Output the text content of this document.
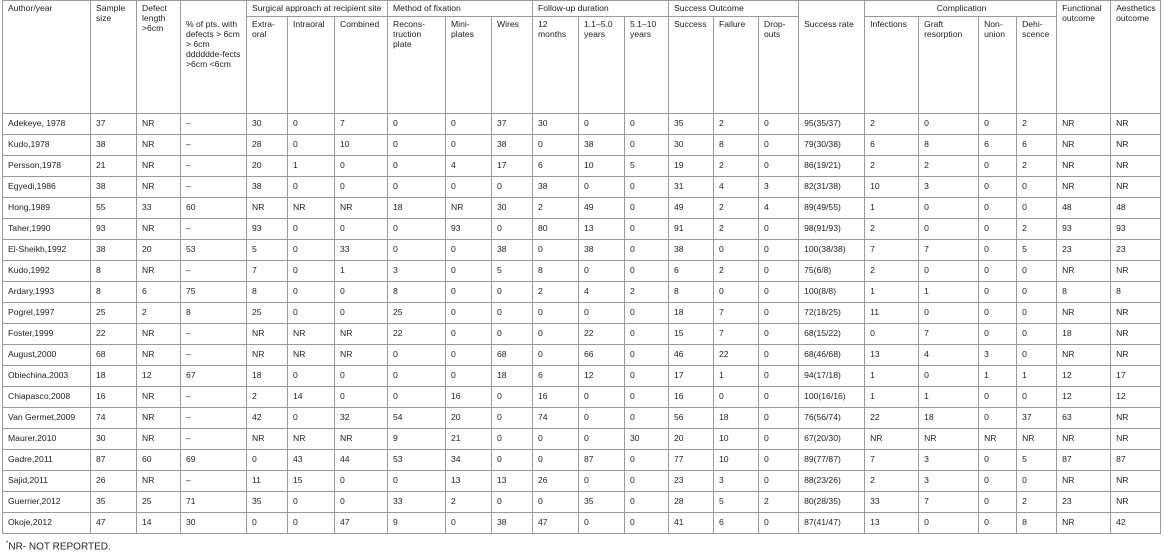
Author/year	Sample size	Defect length >6cm	% of pts. with defects > 6cm > 6cm dddddde-fects >6cm <6cm	Surgical approach at recipient site			Method of fixation			Follow-up duration			Success Outcome			Success rate	Complication				Functional outcome	Aesthetics outcome
				Extra-oral	Intraoral	Combined	Recons-truction plate	Mini-plates	Wires	12 months	1.1–5.0 years	5.1–10 years	Success	Failure	Drop-outs		Infections	Graft resorption	Non-union	Dehi-scence		
Adekeye, 1978	37	NR	–	30	0	7	0	0	37	30	0	0	35	2	0	95(35/37)	2	0	0	2	NR	NR
Kudo,1978	38	NR	–	28	0	10	0	0	38	0	38	0	30	8	0	79(30/38)	6	8	6	6	NR	NR
Persson,1978	21	NR	–	20	1	0	0	4	17	6	10	5	19	2	0	86(19/21)	2	2	0	2	NR	NR
Egyedi,1986	38	NR	–	38	0	0	0	0	0	38	0	0	31	4	3	82(31/38)	10	3	0	0	NR	NR
Hong,1989	55	33	60	NR	NR	NR	18	NR	30	2	49	0	49	2	4	89(49/55)	1	0	0	0	48	48
Taher,1990	93	NR	–	93	0	0	0	93	0	80	13	0	91	2	0	98(91/93)	2	0	0	2	93	93
El-Sheikh,1992	38	20	53	5	0	33	0	0	38	0	38	0	38	0	0	100(38/38)	7	7	0	5	23	23
Kudo,1992	8	NR	–	7	0	1	3	0	5	8	0	0	6	2	0	75(6/8)	2	0	0	0	NR	NR
Ardary,1993	8	6	75	8	0	0	8	0	0	2	4	2	8	0	0	100(8/8)	1	1	0	0	8	8
Pogrel,1997	25	2	8	25	0	0	25	0	0	0	0	0	18	7	0	72(18/25)	11	0	0	0	NR	NR
Foster,1999	22	NR	–	NR	NR	NR	22	0	0	0	22	0	15	7	0	68(15/22)	0	7	0	0	18	NR
August,2000	68	NR	–	NR	NR	NR	0	0	68	0	66	0	46	22	0	68(46/68)	13	4	3	0	NR	NR
Obiechina,2003	18	12	67	18	0	0	0	0	18	6	12	0	17	1	0	94(17/18)	1	0	1	1	12	17
Chiapasco,2008	16	NR	–	2	14	0	0	16	0	16	0	0	16	0	0	100(16/16)	1	1	0	0	12	12
Van Germet,2009	74	NR	–	42	0	32	54	20	0	74	0	0	56	18	0	76(56/74)	22	18	0	37	63	NR
Maurer,2010	30	NR	–	NR	NR	NR	9	21	0	0	0	30	20	10	0	67(20/30)	NR	NR	NR	NR	NR	NR
Gadre,2011	87	60	69	0	43	44	53	34	0	0	87	0	77	10	0	89(77/87)	7	3	0	5	87	87
Sajid,2011	26	NR	–	11	15	0	0	13	13	26	0	0	23	3	0	88(23/26)	2	3	0	0	NR	NR
Guerrier,2012	35	25	71	35	0	0	33	2	0	0	35	0	28	5	2	80(28/35)	33	7	0	2	23	NR
Okoje,2012	47	14	30	0	0	47	9	0	38	47	0	0	41	6	0	87(41/47)	13	0	0	8	NR	42
*NR- NOT REPORTED.
